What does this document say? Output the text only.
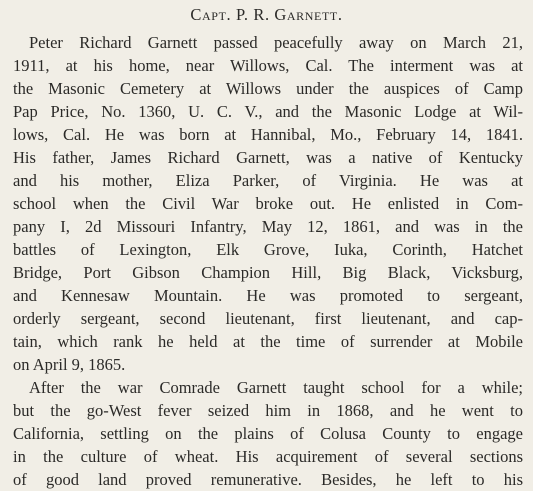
Capt. P. R. Garnett.
Peter Richard Garnett passed peacefully away on March 21,
1911, at his home, near Willows, Cal. The interment was at
the Masonic Cemetery at Willows under the auspices of Camp
Pap Price, No. 1360, U. C. V., and the Masonic Lodge at Wil-
lows, Cal. He was born at Hannibal, Mo., February 14, 1841.
His father, James Richard Garnett, was a native of Kentucky
and his mother, Eliza Parker, of Virginia. He was at
school when the Civil War broke out. He enlisted in Com-
pany I, 2d Missouri Infantry, May 12, 1861, and was in the
battles of Lexington, Elk Grove, Iuka, Corinth, Hatchet
Bridge, Port Gibson Champion Hill, Big Black, Vicksburg,
and Kennesaw Mountain. He was promoted to sergeant,
orderly sergeant, second lieutenant, first lieutenant, and cap-
tain, which rank he held at the time of surrender at Mobile
on April 9, 1865.
After the war Comrade Garnett taught school for a while;
but the go-West fever seized him in 1868, and he went to
California, settling on the plains of Colusa County to engage
in the culture of wheat. His acquirement of several sections
of good land proved remunerative. Besides, he left to his
